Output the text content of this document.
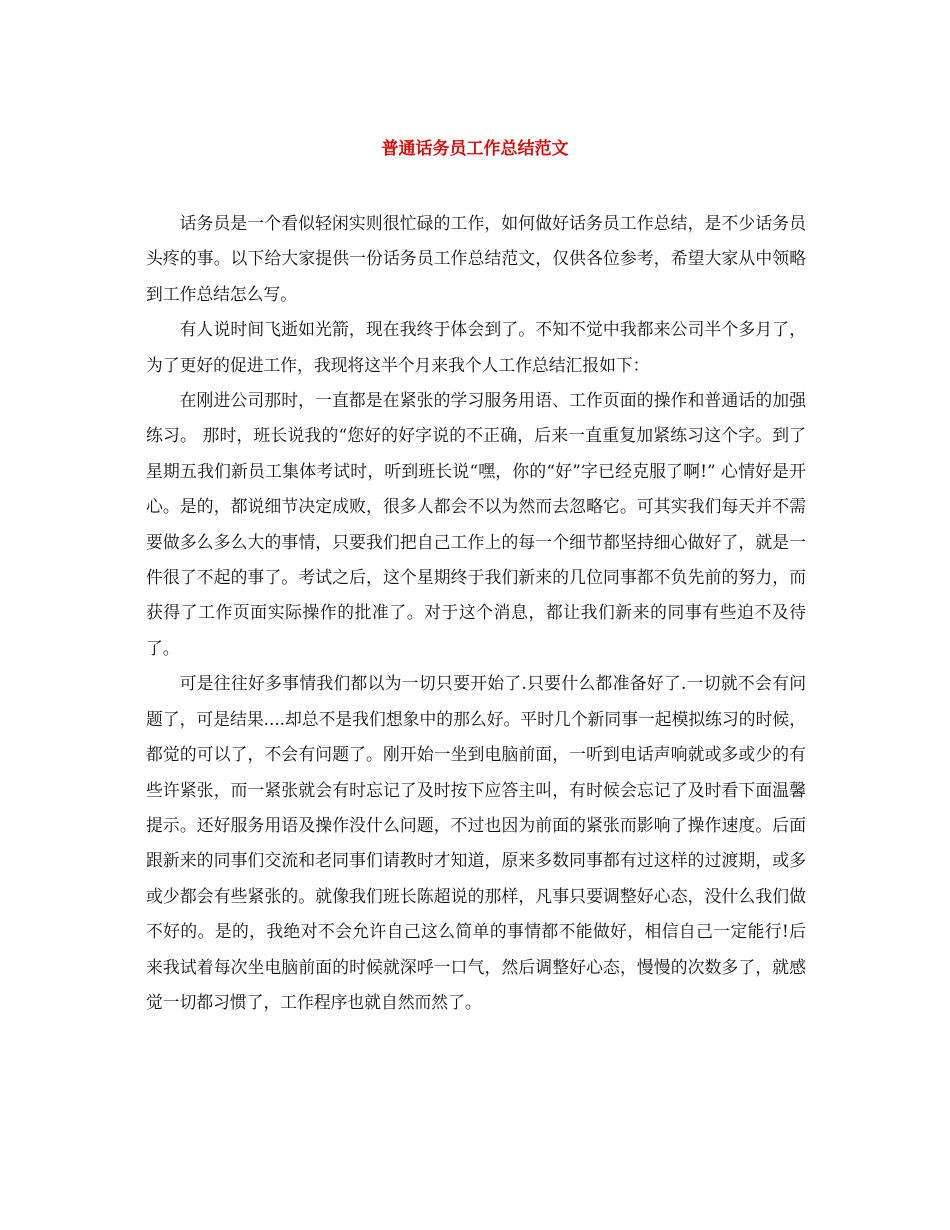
普通话务员工作总结范文

话务员是一个看似轻闲实则很忙碌的工作，如何做好话务员工作总结，是不少话务员头疼的事。以下给大家提供一份话务员工作总结范文，仅供各位参考，希望大家从中领略到工作总结怎么写。

有人说时间飞逝如光箭，现在我终于体会到了。不知不觉中我都来公司半个多月了，为了更好的促进工作，我现将这半个月来我个人工作总结汇报如下：

在刚进公司那时，一直都是在紧张的学习服务用语、工作页面的操作和普通话的加强练习。 那时，班长说我的“您好的好字说的不正确，后来一直重复加紧练习这个字。到了星期五我们新员工集体考试时，听到班长说“嘿，你的“好”字已经克服了啊!” 心情好是开心。是的，都说细节决定成败，很多人都会不以为然而去忽略它。可其实我们每天并不需要做多么多么大的事情，只要我们把自己工作上的每一个细节都坚持细心做好了，就是一件很了不起的事了。考试之后，这个星期终于我们新来的几位同事都不负先前的努力，而获得了工作页面实际操作的批准了。对于这个消息，都让我们新来的同事有些迫不及待了。

可是往往好多事情我们都以为一切只要开始了.只要什么都准备好了.一切就不会有问题了，可是结果....却总不是我们想象中的那么好。平时几个新同事一起模拟练习的时候，都觉的可以了，不会有问题了。刚开始一坐到电脑前面，一听到电话声响就或多或少的有些许紧张，而一紧张就会有时忘记了及时按下应答主叫，有时候会忘记了及时看下面温馨提示。还好服务用语及操作没什么问题，不过也因为前面的紧张而影响了操作速度。后面跟新来的同事们交流和老同事们请教时才知道，原来多数同事都有过这样的过渡期，或多或少都会有些紧张的。就像我们班长陈超说的那样，凡事只要调整好心态，没什么我们做不好的。是的，我绝对不会允许自己这么简单的事情都不能做好，相信自己一定能行!后来我试着每次坐电脑前面的时候就深呼一口气，然后调整好心态，慢慢的次数多了，就感觉一切都习惯了，工作程序也就自然而然了。
